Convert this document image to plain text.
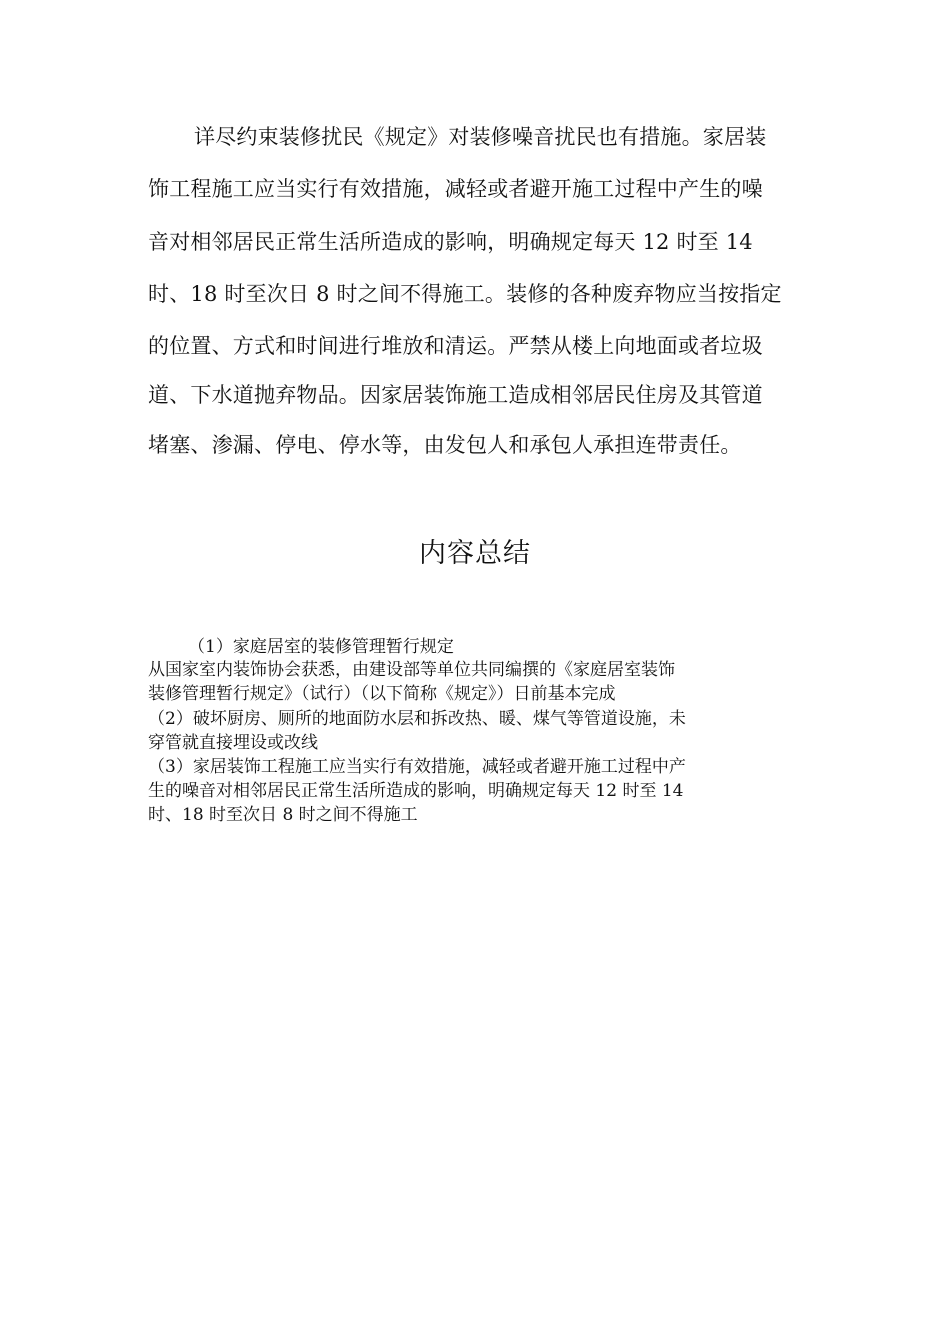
详尽约束装修扰民《规定》对装修噪音扰民也有措施。家居装
饰工程施工应当实行有效措施，减轻或者避开施工过程中产生的噪
音对相邻居民正常生活所造成的影响，明确规定每天 12 时至 14
时、18 时至次日 8 时之间不得施工。装修的各种废弃物应当按指定
的位置、方式和时间进行堆放和清运。严禁从楼上向地面或者垃圾
道、下水道抛弃物品。因家居装饰施工造成相邻居民住房及其管道
堵塞、渗漏、停电、停水等，由发包人和承包人承担连带责任。
内容总结
（1）家庭居室的装修管理暂行规定
从国家室内装饰协会获悉，由建设部等单位共同编撰的《家庭居室装饰
装修管理暂行规定》（试行）（以下简称《规定》）日前基本完成
（2）破坏厨房、厕所的地面防水层和拆改热、暖、煤气等管道设施，未
穿管就直接埋设或改线
（3）家居装饰工程施工应当实行有效措施，减轻或者避开施工过程中产
生的噪音对相邻居民正常生活所造成的影响，明确规定每天 12 时至 14
时、18 时至次日 8 时之间不得施工
